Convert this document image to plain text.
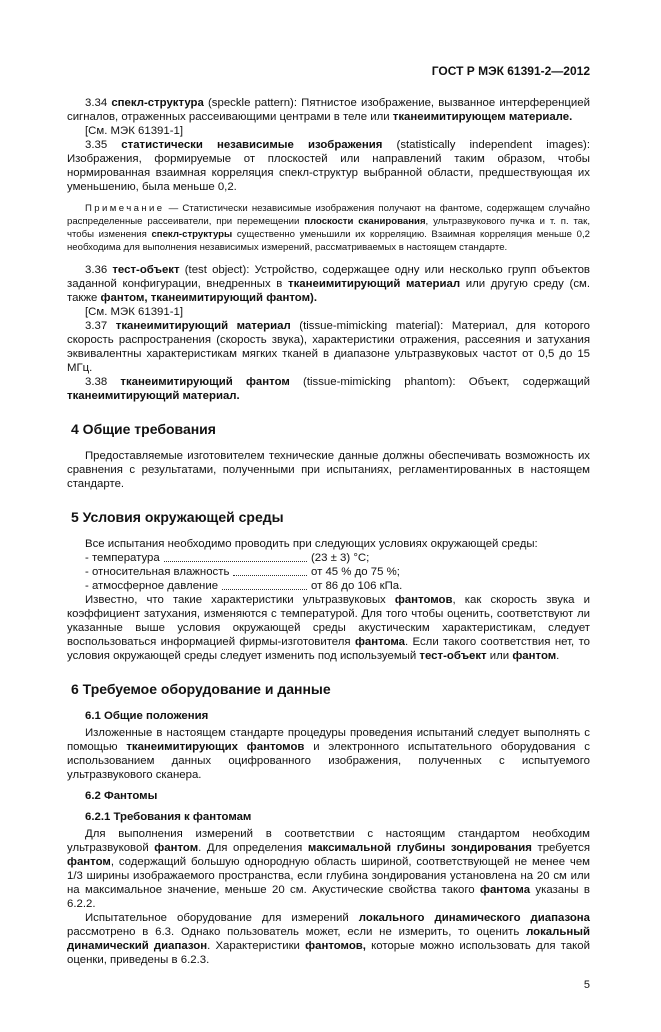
ГОСТ Р МЭК 61391-2—2012

3.34 спекл-структура (speckle pattern): Пятнистое изображение, вызванное интерференцией сигналов, отраженных рассеивающими центрами в теле или тканеимитирующем материале.

[См. МЭК 61391-1]

3.35 статистически независимые изображения (statistically independent images): Изображения, формируемые от плоскостей или направлений таким образом, чтобы нормированная взаимная корреляция спекл-структур выбранной области, предшествующая их уменьшению, была меньше 0,2.

Примечание — Статистически независимые изображения получают на фантоме, содержащем случайно распределенные рассеиватели, при перемещении плоскости сканирования, ультразвукового пучка и т. п. так, чтобы изменения спекл-структуры существенно уменьшили их корреляцию. Взаимная корреляция меньше 0,2 необходима для выполнения независимых измерений, рассматриваемых в настоящем стандарте.

3.36 тест-объект (test object): Устройство, содержащее одну или несколько групп объектов заданной конфигурации, внедренных в тканеимитирующий материал или другую среду (см. также фантом, тканеимитирующий фантом).

[См. МЭК 61391-1]

3.37 тканеимитирующий материал (tissue-mimicking material): Материал, для которого скорость распространения (скорость звука), характеристики отражения, рассеяния и затухания эквивалентны характеристикам мягких тканей в диапазоне ультразвуковых частот от 0,5 до 15 МГц.

3.38 тканеимитирующий фантом (tissue-mimicking phantom): Объект, содержащий тканеимитирующий материал.

4 Общие требования

Предоставляемые изготовителем технические данные должны обеспечивать возможность их сравнения с результатами, полученными при испытаниях, регламентированных в настоящем стандарте.

5 Условия окружающей среды

Все испытания необходимо проводить при следующих условиях окружающей среды:

- температура	(23 ± 3) °С;
- относительная влажность	от 45 % до 75 %;
- атмосферное давление	от 86 до 106 кПа.

Известно, что такие характеристики ультразвуковых фантомов, как скорость звука и коэффициент затухания, изменяются с температурой. Для того чтобы оценить, соответствуют ли указанные выше условия окружающей среды акустическим характеристикам, следует воспользоваться информацией фирмы-изготовителя фантома. Если такого соответствия нет, то условия окружающей среды следует изменить под используемый тест-объект или фантом.

6 Требуемое оборудование и данные
6.1 Общие положения

Изложенные в настоящем стандарте процедуры проведения испытаний следует выполнять с помощью тканеимитирующих фантомов и электронного испытательного оборудования с использованием данных оцифрованного изображения, полученных с испытуемого ультразвукового сканера.

6.2 Фантомы
6.2.1 Требования к фантомам

Для выполнения измерений в соответствии с настоящим стандартом необходим ультразвуковой фантом. Для определения максимальной глубины зондирования требуется фантом, содержащий большую однородную область шириной, соответствующей не менее чем 1/3 ширины изображаемого пространства, если глубина зондирования установлена на 20 см или на максимальное значение, меньше 20 см. Акустические свойства такого фантома указаны в 6.2.2.

Испытательное оборудование для измерений локального динамического диапазона рассмотрено в 6.3. Однако пользователь может, если не измерить, то оценить локальный динамический диапазон. Характеристики фантомов, которые можно использовать для такой оценки, приведены в 6.2.3.

5
